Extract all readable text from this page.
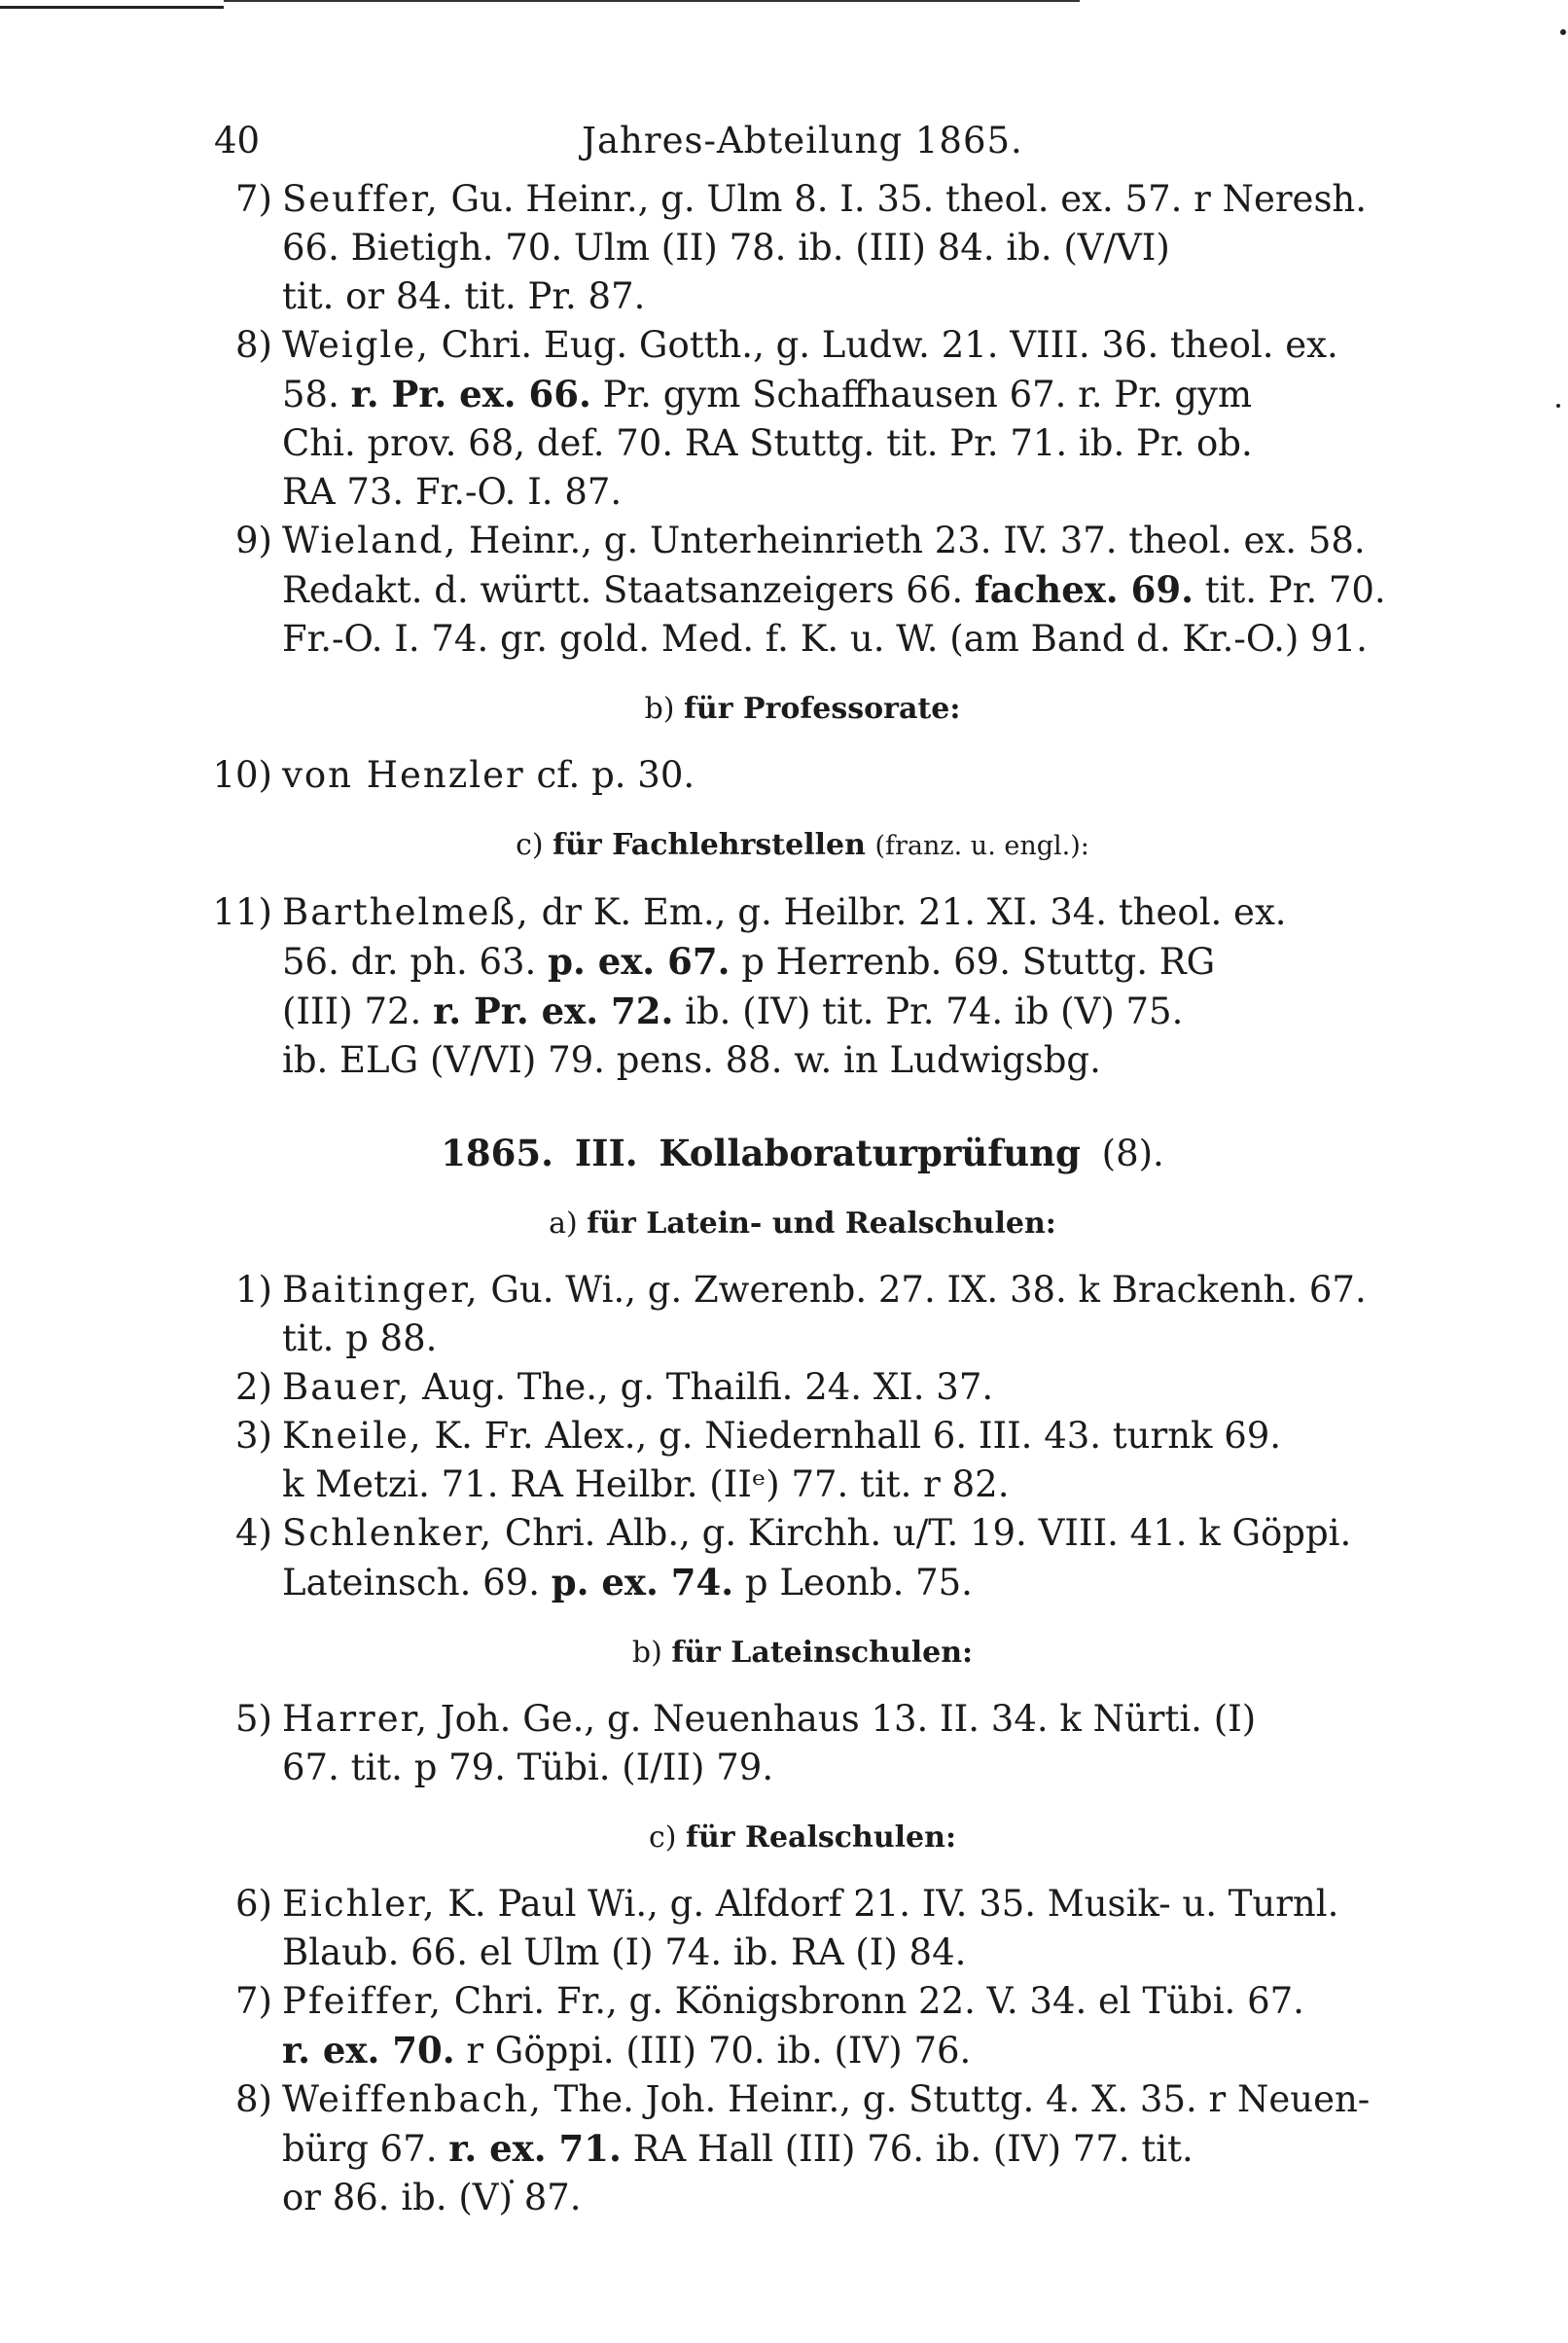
40	Jahres-Abteilung 1865.
7) Seuffer, Gu. Heinr., g. Ulm 8. I. 35. theol. ex. 57. r Neresh.
66. Bietigh. 70. Ulm (II) 78. ib. (III) 84. ib. (V/VI)
tit. or 84. tit. Pr. 87.
8) Weigle, Chri. Eug. Gotth., g. Ludw. 21. VIII. 36. theol. ex.
58. r. Pr. ex. 66. Pr. gym Schaffhausen 67. r. Pr. gym
Chi. prov. 68, def. 70. RA Stuttg. tit. Pr. 71. ib. Pr. ob.
RA 73. Fr.-O. I. 87.
9) Wieland, Heinr., g. Unterheinrieth 23. IV. 37. theol. ex. 58.
Redakt. d. württ. Staatsanzeigers 66. fachex. 69. tit. Pr. 70.
Fr.-O. I. 74. gr. gold. Med. f. K. u. W. (am Band d. Kr.-O.) 91.
b) für Professorate:
10) von Henzler cf. p. 30.
c) für Fachlehrstellen (franz. u. engl.):
11) Barthelmeß, dr K. Em., g. Heilbr. 21. XI. 34. theol. ex.
56. dr. ph. 63. p. ex. 67. p Herrenb. 69. Stuttg. RG
(III) 72. r. Pr. ex. 72. ib. (IV) tit. Pr. 74. ib (V) 75.
ib. ELG (V/VI) 79. pens. 88. w. in Ludwigsbg.
1865. III. Kollaboraturprüfung (8).
a) für Latein- und Realschulen:
1) Baitinger, Gu. Wi., g. Zwerenb. 27. IX. 38. k Brackenh. 67.
tit. p 88.
2) Bauer, Aug. The., g. Thailfi. 24. XI. 37.
3) Kneile, K. Fr. Alex., g. Niedernhall 6. III. 43. turnk 69.
k Metzi. 71. RA Heilbr. (IIᵉ) 77. tit. r 82.
4) Schlenker, Chri. Alb., g. Kirchh. u/T. 19. VIII. 41. k Göppi.
Lateinsch. 69. p. ex. 74. p Leonb. 75.
b) für Lateinschulen:
5) Harrer, Joh. Ge., g. Neuenhaus 13. II. 34. k Nürti. (I)
67. tit. p 79. Tübi. (I/II) 79.
c) für Realschulen:
6) Eichler, K. Paul Wi., g. Alfdorf 21. IV. 35. Musik- u. Turnl.
Blaub. 66. el Ulm (I) 74. ib. RA (I) 84.
7) Pfeiffer, Chri. Fr., g. Königsbronn 22. V. 34. el Tübi. 67.
r. ex. 70. r Göppi. (III) 70. ib. (IV) 76.
8) Weiffenbach, The. Joh. Heinr., g. Stuttg. 4. X. 35. r Neuen-
bürg 67. r. ex. 71. RA Hall (III) 76. ib. (IV) 77. tit.
or 86. ib. (V) 87.
